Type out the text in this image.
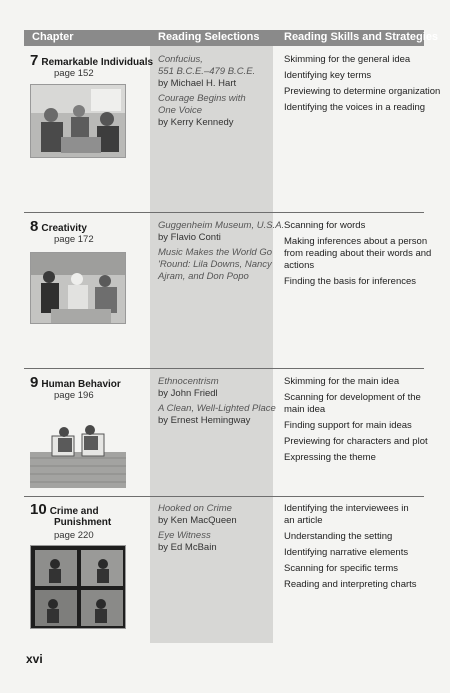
Chapter	Reading Selections Reading Skills and Strategies
7 Remarkable Individuals
page 152
Confucius,
551 B.C.E.–479 B.C.E.
by Michael H. Hart
Courage Begins with
One Voice
by Kerry Kennedy
Skimming for the general idea
Identifying key terms
Previewing to determine organization
Identifying the voices in a reading
8 Creativity
page 172
Guggenheim Museum, U.S.A.
by Flavio Conti
Music Makes the World Go
'Round: Lila Downs, Nancy
Ajram, and Don Popo
Scanning for words
Making inferences about a person
from reading about their words and
actions
Finding the basis for inferences
9 Human Behavior
page 196
Ethnocentrism
by John Friedl
A Clean, Well-Lighted Place
by Ernest Hemingway
Skimming for the main idea
Scanning for development of the
main idea
Finding support for main ideas
Previewing for characters and plot
Expressing the theme
10 Crime and
Punishment
page 220
Hooked on Crime
by Ken MacQueen
Eye Witness
by Ed McBain
Identifying the interviewees in
an article
Understanding the setting
Identifying narrative elements
Scanning for specific terms
Reading and interpreting charts
xvi
